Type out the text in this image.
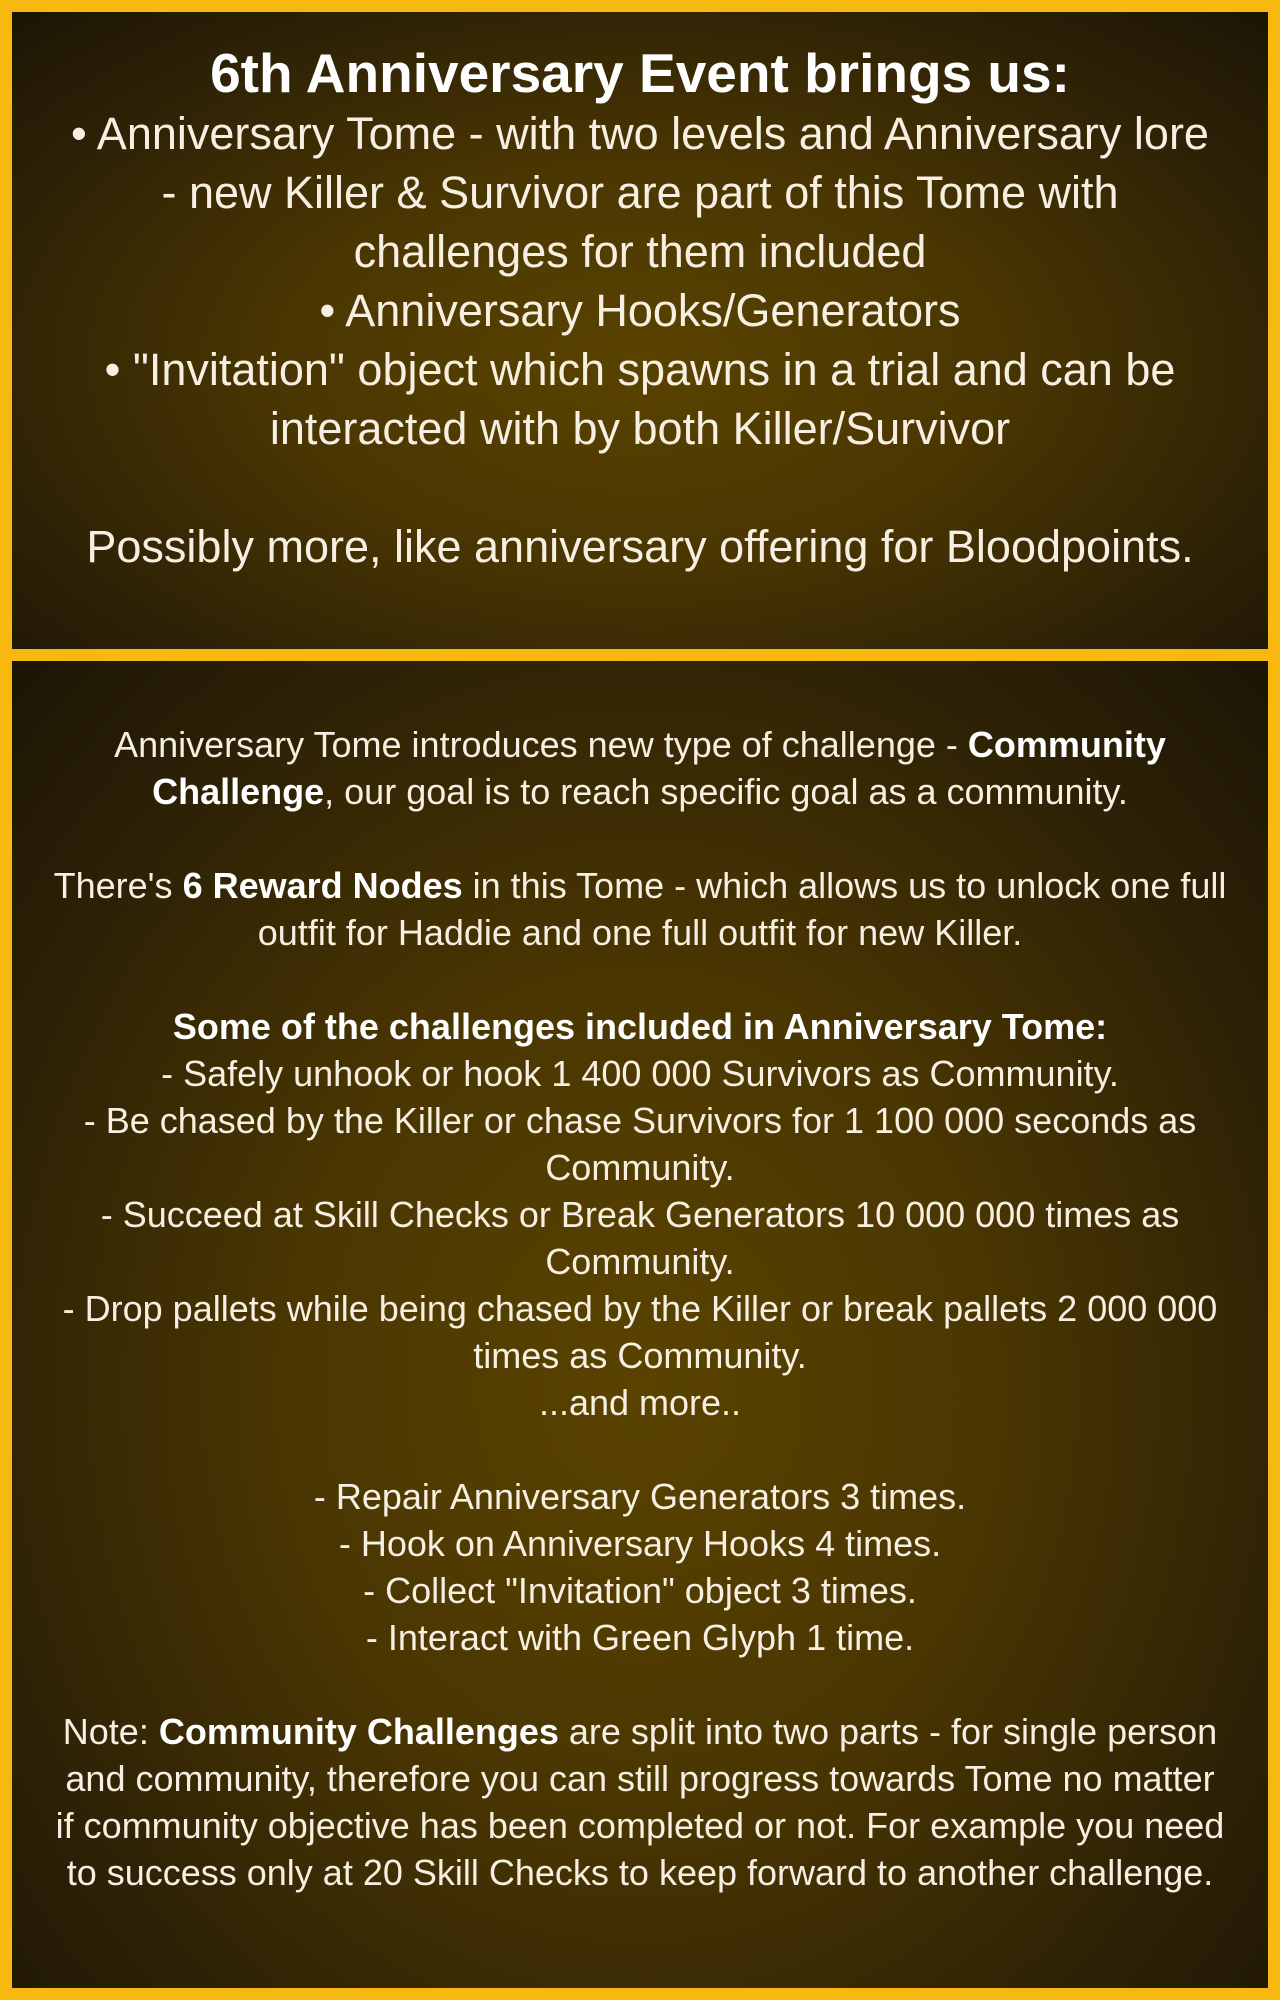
6th Anniversary Event brings us:

• Anniversary Tome - with two levels and Anniversary lore - new Killer & Survivor are part of this Tome with challenges for them included

• Anniversary Hooks/Generators

• "Invitation" object which spawns in a trial and can be interacted with by both Killer/Survivor

Possibly more, like anniversary offering for Bloodpoints.

Anniversary Tome introduces new type of challenge - Community Challenge, our goal is to reach specific goal as a community.

There's 6 Reward Nodes in this Tome - which allows us to unlock one full outfit for Haddie and one full outfit for new Killer.

Some of the challenges included in Anniversary Tome:

- Safely unhook or hook 1 400 000 Survivors as Community.

- Be chased by the Killer or chase Survivors for 1 100 000 seconds as Community.

- Succeed at Skill Checks or Break Generators 10 000 000 times as Community.

- Drop pallets while being chased by the Killer or break pallets 2 000 000 times as Community.

...and more..

- Repair Anniversary Generators 3 times.

- Hook on Anniversary Hooks 4 times.

- Collect "Invitation" object 3 times.

- Interact with Green Glyph 1 time.

Note: Community Challenges are split into two parts - for single person and community, therefore you can still progress towards Tome no matter if community objective has been completed or not. For example you need to success only at 20 Skill Checks to keep forward to another challenge.
